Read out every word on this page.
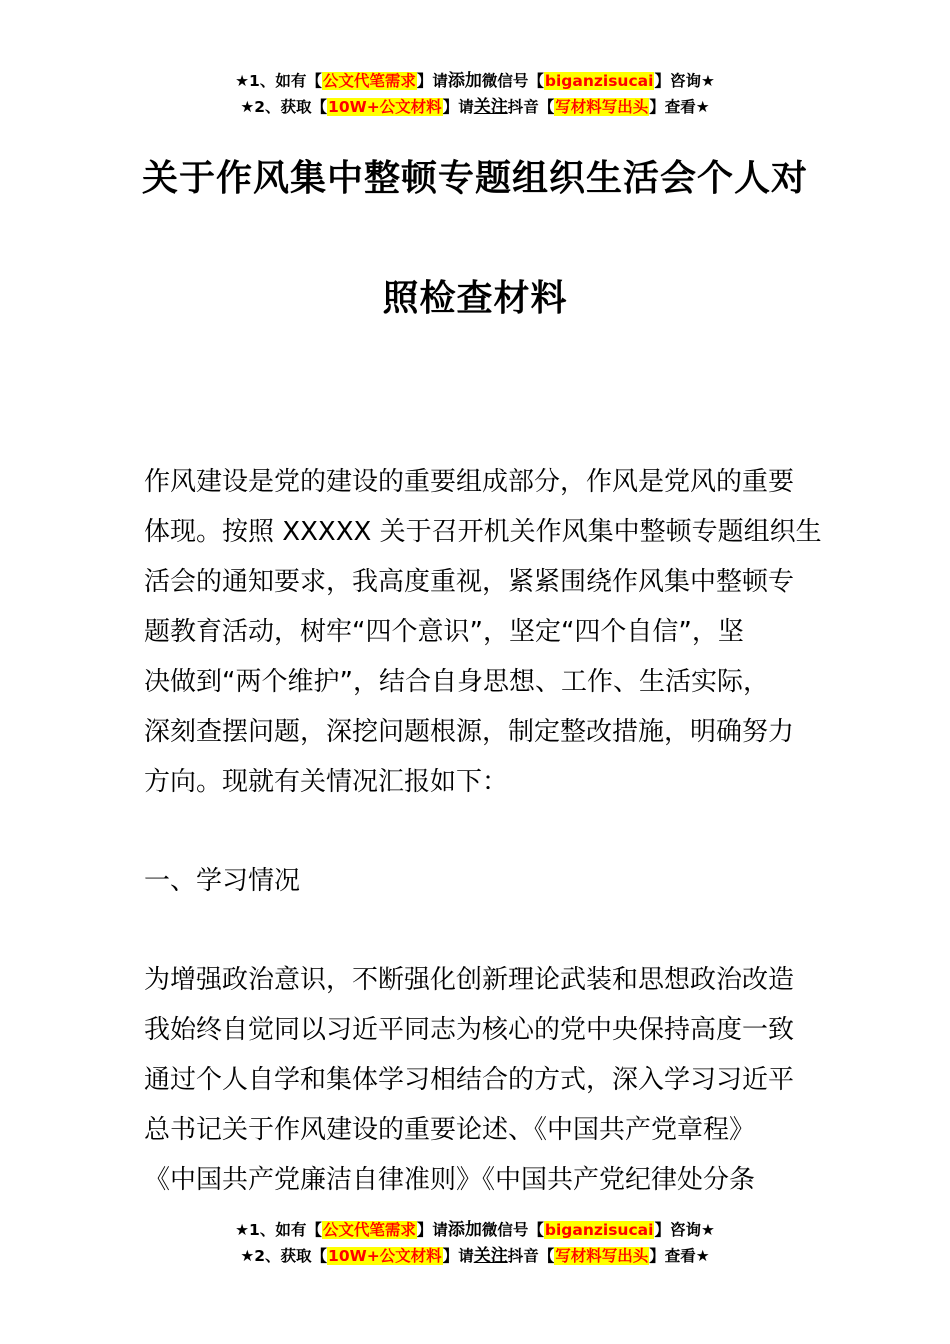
★1、如有【公文代笔需求】请添加微信号【biganzisucai】咨询★
★2、获取【10W+公文材料】请关注抖音【写材料写出头】查看★
关于作风集中整顿专题组织生活会个人对
照检查材料
作风建设是党的建设的重要组成部分，作风是党风的重要
体现。按照 XXXXX 关于召开机关作风集中整顿专题组织生
活会的通知要求，我高度重视，紧紧围绕作风集中整顿专
题教育活动，树牢“四个意识”，坚定“四个自信”，坚
决做到“两个维护”，结合自身思想、工作、生活实际，
深刻查摆问题，深挖问题根源，制定整改措施，明确努力
方向。现就有关情况汇报如下：
一、学习情况
为增强政治意识，不断强化创新理论武装和思想政治改造
我始终自觉同以习近平同志为核心的党中央保持高度一致
通过个人自学和集体学习相结合的方式，深入学习习近平
总书记关于作风建设的重要论述、《中国共产党章程》
《中国共产党廉洁自律准则》《中国共产党纪律处分条
★1、如有【公文代笔需求】请添加微信号【biganzisucai】咨询★
★2、获取【10W+公文材料】请关注抖音【写材料写出头】查看★
